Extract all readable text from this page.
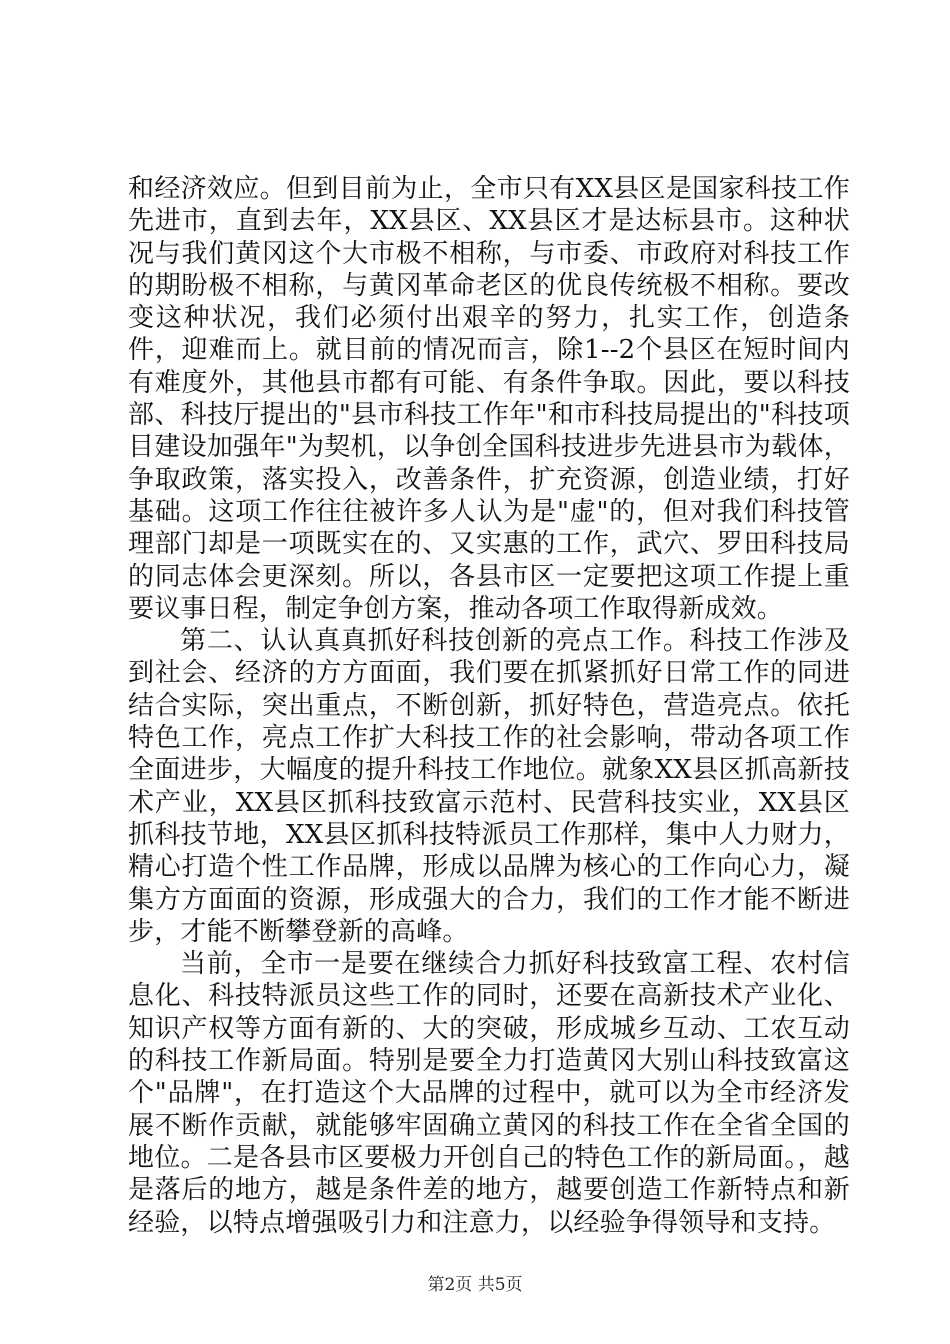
和经济效应。但到目前为止，全市只有XX县区是国家科技工作先进市，直到去年，XX县区、XX县区才是达标县市。这种状况与我们黄冈这个大市极不相称，与市委、市政府对科技工作的期盼极不相称，与黄冈革命老区的优良传统极不相称。要改变这种状况，我们必须付出艰辛的努力，扎实工作，创造条件，迎难而上。就目前的情况而言，除1--2个县区在短时间内有难度外，其他县市都有可能、有条件争取。因此，要以科技部、科技厅提出的"县市科技工作年"和市科技局提出的"科技项目建设加强年"为契机，以争创全国科技进步先进县市为载体，争取政策，落实投入，改善条件，扩充资源，创造业绩，打好基础。这项工作往往被许多人认为是"虚"的，但对我们科技管理部门却是一项既实在的、又实惠的工作，武穴、罗田科技局的同志体会更深刻。所以，各县市区一定要把这项工作提上重要议事日程，制定争创方案，推动各项工作取得新成效。

第二、认认真真抓好科技创新的亮点工作。科技工作涉及到社会、经济的方方面面，我们要在抓紧抓好日常工作的同进结合实际，突出重点，不断创新，抓好特色，营造亮点。依托特色工作，亮点工作扩大科技工作的社会影响，带动各项工作全面进步，大幅度的提升科技工作地位。就象XX县区抓高新技术产业，XX县区抓科技致富示范村、民营科技实业，XX县区抓科技节地，XX县区抓科技特派员工作那样，集中人力财力，精心打造个性工作品牌，形成以品牌为核心的工作向心力，凝集方方面面的资源，形成强大的合力，我们的工作才能不断进步，才能不断攀登新的高峰。

当前，全市一是要在继续合力抓好科技致富工程、农村信息化、科技特派员这些工作的同时，还要在高新技术产业化、知识产权等方面有新的、大的突破，形成城乡互动、工农互动的科技工作新局面。特别是要全力打造黄冈大别山科技致富这个"品牌"，在打造这个大品牌的过程中，就可以为全市经济发展不断作贡献，就能够牢固确立黄冈的科技工作在全省全国的地位。二是各县市区要极力开创自己的特色工作的新局面。，越是落后的地方，越是条件差的地方，越要创造工作新特点和新经验，以特点增强吸引力和注意力，以经验争得领导和支持。

第2页 共5页
